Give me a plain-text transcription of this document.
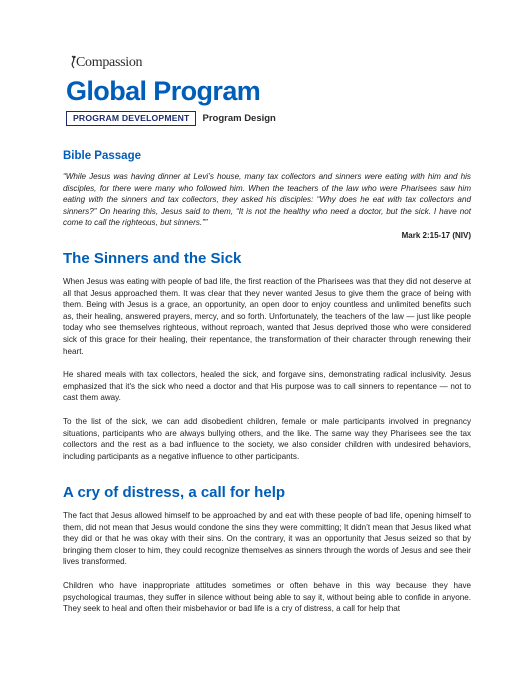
Compassion
Global Program
PROGRAM DEVELOPMENT	Program Design
Bible Passage

“While Jesus was having dinner at Levi’s house, many tax collectors and sinners were eating with him and his disciples, for there were many who followed him. When the teachers of the law who were Pharisees saw him eating with the sinners and tax collectors, they asked his disciples: “Why does he eat with tax collectors and sinners?” On hearing this, Jesus said to them, “It is not the healthy who need a doctor, but the sick. I have not come to call the righteous, but sinners.””

Mark 2:15-17 (NIV)

The Sinners and the Sick

When Jesus was eating with people of bad life, the first reaction of the Pharisees was that they did not deserve at all that Jesus approached them. It was clear that they never wanted Jesus to give them the grace of being with them. Being with Jesus is a grace, an opportunity, an open door to enjoy countless and unlimited benefits such as, their healing, answered prayers, mercy, and so forth. Unfortunately, the teachers of the law — just like people today who see themselves righteous, without reproach, wanted that Jesus deprived those who were considered sick of this grace for their healing, their repentance, the transformation of their character through renewing their heart.

He shared meals with tax collectors, healed the sick, and forgave sins, demonstrating radical inclusivity. Jesus emphasized that it's the sick who need a doctor and that His purpose was to call sinners to repentance — not to cast them away.

To the list of the sick, we can add disobedient children, female or male participants involved in pregnancy situations, participants who are always bullying others, and the like. The same way they Pharisees see the tax collectors and the rest as a bad influence to the society, we also consider children with undesired behaviors, including participants as a negative influence to other participants.

A cry of distress, a call for help

The fact that Jesus allowed himself to be approached by and eat with these people of bad life, opening himself to them, did not mean that Jesus would condone the sins they were committing; It didn’t mean that Jesus liked what they did or that he was okay with their sins. On the contrary, it was an opportunity that Jesus seized so that by bringing them closer to him, they could recognize themselves as sinners through the words of Jesus and see their lives transformed.

Children who have inappropriate attitudes sometimes or often behave in this way because they have psychological traumas, they suffer in silence without being able to say it, without being able to confide in anyone. They seek to heal and often their misbehavior or bad life is a cry of distress, a call for help that
